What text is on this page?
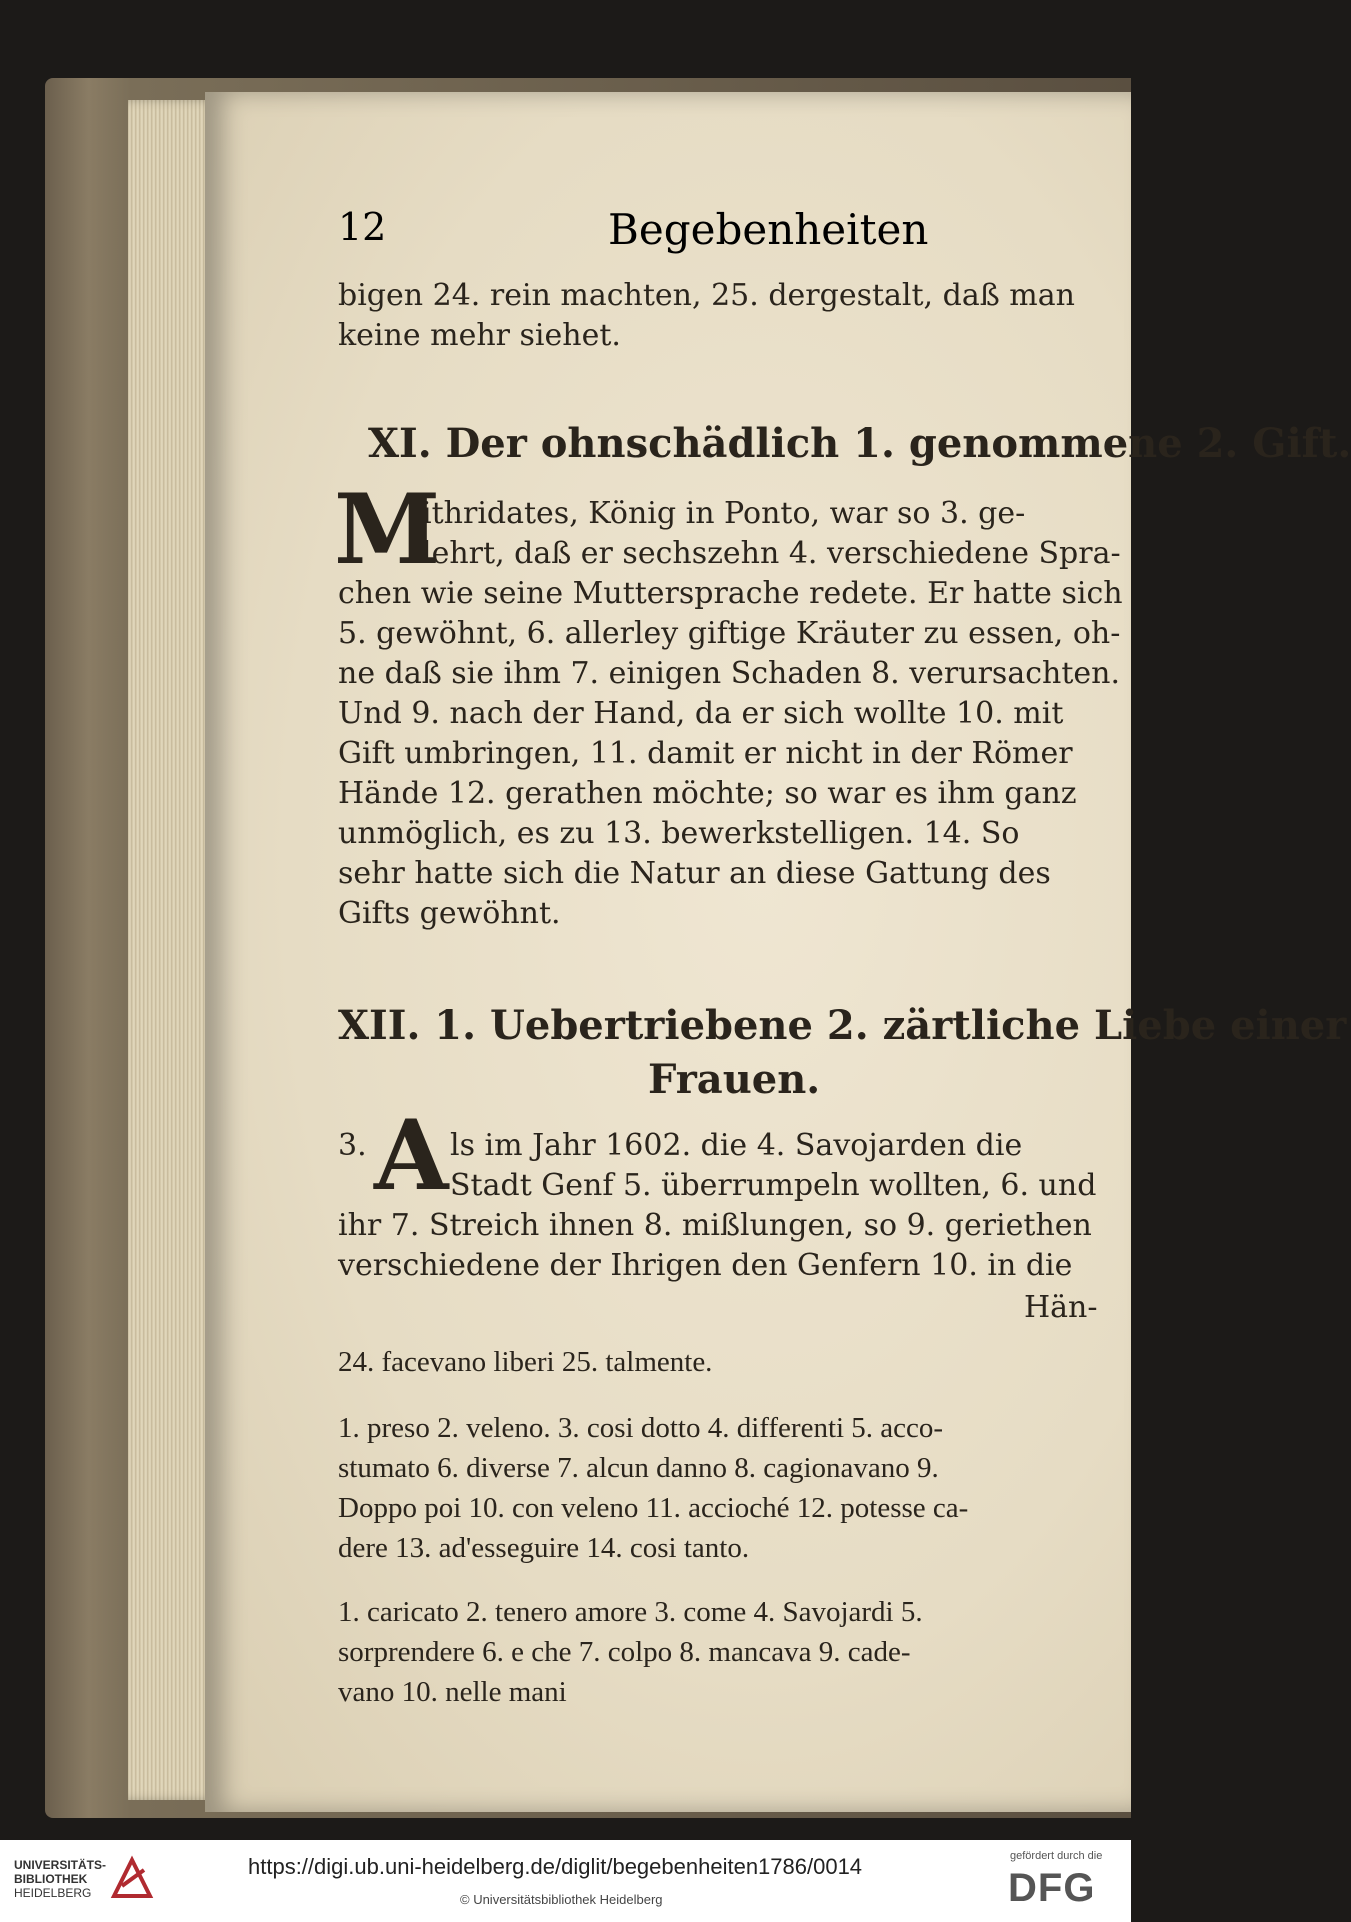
12	Begebenheiten
bigen 24. rein machten, 25. dergestalt, daß man
keine mehr siehet.
XI. Der ohnschädlich 1. genommene 2. Gift.
M
ithridates, König in Ponto, war so 3. ge-
lehrt, daß er sechszehn 4. verschiedene Spra-
chen wie seine Muttersprache redete. Er hatte sich
5. gewöhnt, 6. allerley giftige Kräuter zu essen, oh-
ne daß sie ihm 7. einigen Schaden 8. verursachten.
Und 9. nach der Hand, da er sich wollte 10. mit
Gift umbringen, 11. damit er nicht in der Römer
Hände 12. gerathen möchte; so war es ihm ganz
unmöglich, es zu 13. bewerkstelligen. 14. So
sehr hatte sich die Natur an diese Gattung des
Gifts gewöhnt.
XII. 1. Uebertriebene 2. zärtliche Liebe einer
Frauen.
3. A ls im Jahr 1602. die 4. Savojarden die
Stadt Genf 5. überrumpeln wollten, 6. und
ihr 7. Streich ihnen 8. mißlungen, so 9. geriethen
verschiedene der Ihrigen den Genfern 10. in die
Hän-
24. facevano liberi 25. talmente.
1. preso 2. veleno. 3. cosi dotto 4. differenti 5. acco-
stumato 6. diverse 7. alcun danno 8. cagionavano 9.
Doppo poi 10. con veleno 11. accioché 12. potesse ca-
dere 13. ad'esseguire 14. cosi tanto.
1. caricato 2. tenero amore 3. come 4. Savojardi 5.
sorprendere 6. e che 7. colpo 8. mancava 9. cade-
vano 10. nelle mani
UNIVERSITÄTS-
BIBLIOTHEK
HEIDELBERG
https://digi.ub.uni-heidelberg.de/diglit/begebenheiten1786/0014
© Universitätsbibliothek Heidelberg
gefördert durch die
DFG
